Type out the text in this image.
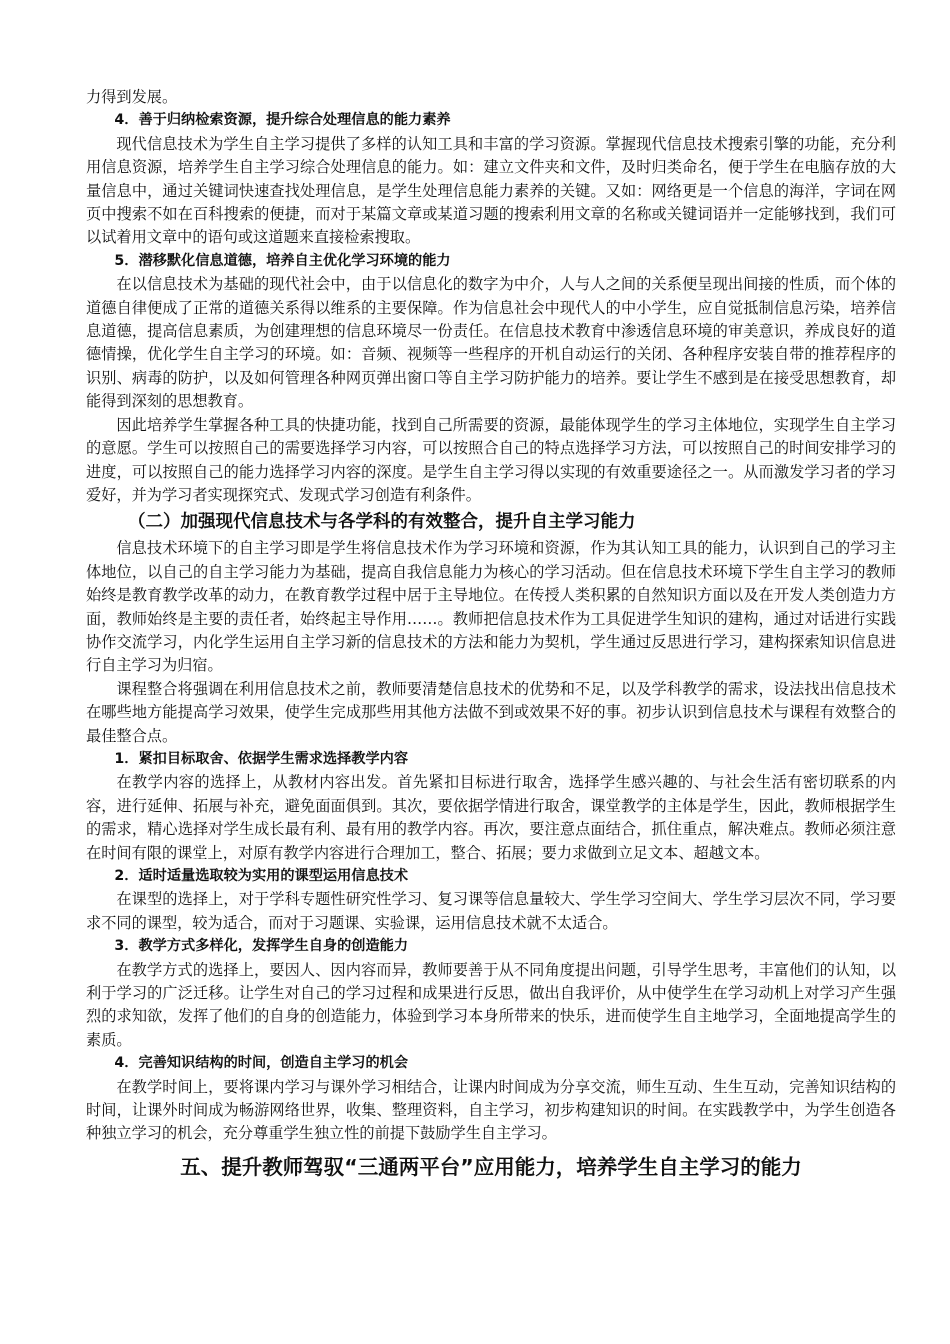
力得到发展。

4．善于归纳检索资源，提升综合处理信息的能力素养

现代信息技术为学生自主学习提供了多样的认知工具和丰富的学习资源。掌握现代信息技术搜索引擎的功能，充分利用信息资源，培养学生自主学习综合处理信息的能力。如：建立文件夹和文件，及时归类命名，便于学生在电脑存放的大量信息中，通过关键词快速查找处理信息，是学生处理信息能力素养的关键。又如：网络更是一个信息的海洋，字词在网页中搜索不如在百科搜索的便捷，而对于某篇文章或某道习题的搜索利用文章的名称或关键词语并一定能够找到，我们可以试着用文章中的语句或这道题来直接检索搜取。

5．潜移默化信息道德，培养自主优化学习环境的能力

在以信息技术为基础的现代社会中，由于以信息化的数字为中介，人与人之间的关系便呈现出间接的性质，而个体的道德自律便成了正常的道德关系得以维系的主要保障。作为信息社会中现代人的中小学生，应自觉抵制信息污染，培养信息道德，提高信息素质，为创建理想的信息环境尽一份责任。在信息技术教育中渗透信息环境的审美意识，养成良好的道德情操，优化学生自主学习的环境。如：音频、视频等一些程序的开机自动运行的关闭、各种程序安装自带的推荐程序的识别、病毒的防护，以及如何管理各种网页弹出窗口等自主学习防护能力的培养。要让学生不感到是在接受思想教育，却能得到深刻的思想教育。

因此培养学生掌握各种工具的快捷功能，找到自己所需要的资源，最能体现学生的学习主体地位，实现学生自主学习的意愿。学生可以按照自己的需要选择学习内容，可以按照合自己的特点选择学习方法，可以按照自己的时间安排学习的进度，可以按照自己的能力选择学习内容的深度。是学生自主学习得以实现的有效重要途径之一。从而激发学习者的学习爱好，并为学习者实现探究式、发现式学习创造有利条件。

（二）加强现代信息技术与各学科的有效整合，提升自主学习能力

信息技术环境下的自主学习即是学生将信息技术作为学习环境和资源，作为其认知工具的能力，认识到自己的学习主体地位，以自己的自主学习能力为基础，提高自我信息能力为核心的学习活动。但在信息技术环境下学生自主学习的教师始终是教育教学改革的动力，在教育教学过程中居于主导地位。在传授人类积累的自然知识方面以及在开发人类创造力方面，教师始终是主要的责任者，始终起主导作用……。教师把信息技术作为工具促进学生知识的建构，通过对话进行实践协作交流学习，内化学生运用自主学习新的信息技术的方法和能力为契机，学生通过反思进行学习，建构探索知识信息进行自主学习为归宿。

课程整合将强调在利用信息技术之前，教师要清楚信息技术的优势和不足，以及学科教学的需求，设法找出信息技术在哪些地方能提高学习效果，使学生完成那些用其他方法做不到或效果不好的事。初步认识到信息技术与课程有效整合的最佳整合点。

1．紧扣目标取舍、依据学生需求选择教学内容

在教学内容的选择上，从教材内容出发。首先紧扣目标进行取舍，选择学生感兴趣的、与社会生活有密切联系的内容，进行延伸、拓展与补充，避免面面俱到。其次，要依据学情进行取舍，课堂教学的主体是学生，因此，教师根据学生的需求，精心选择对学生成长最有利、最有用的教学内容。再次，要注意点面结合，抓住重点，解决难点。教师必须注意在时间有限的课堂上，对原有教学内容进行合理加工，整合、拓展；要力求做到立足文本、超越文本。

2．适时适量选取较为实用的课型运用信息技术

在课型的选择上，对于学科专题性研究性学习、复习课等信息量较大、学生学习空间大、学生学习层次不同，学习要求不同的课型，较为适合，而对于习题课、实验课，运用信息技术就不太适合。

3．教学方式多样化，发挥学生自身的创造能力

在教学方式的选择上，要因人、因内容而异，教师要善于从不同角度提出问题，引导学生思考，丰富他们的认知，以利于学习的广泛迁移。让学生对自己的学习过程和成果进行反思，做出自我评价，从中使学生在学习动机上对学习产生强烈的求知欲，发挥了他们的自身的创造能力，体验到学习本身所带来的快乐，进而使学生自主地学习，全面地提高学生的素质。

4．完善知识结构的时间，创造自主学习的机会

在教学时间上，要将课内学习与课外学习相结合，让课内时间成为分享交流，师生互动、生生互动，完善知识结构的时间，让课外时间成为畅游网络世界，收集、整理资料，自主学习，初步构建知识的时间。在实践教学中，为学生创造各种独立学习的机会，充分尊重学生独立性的前提下鼓励学生自主学习。

五、提升教师驾驭“三通两平台”应用能力，培养学生自主学习的能力
